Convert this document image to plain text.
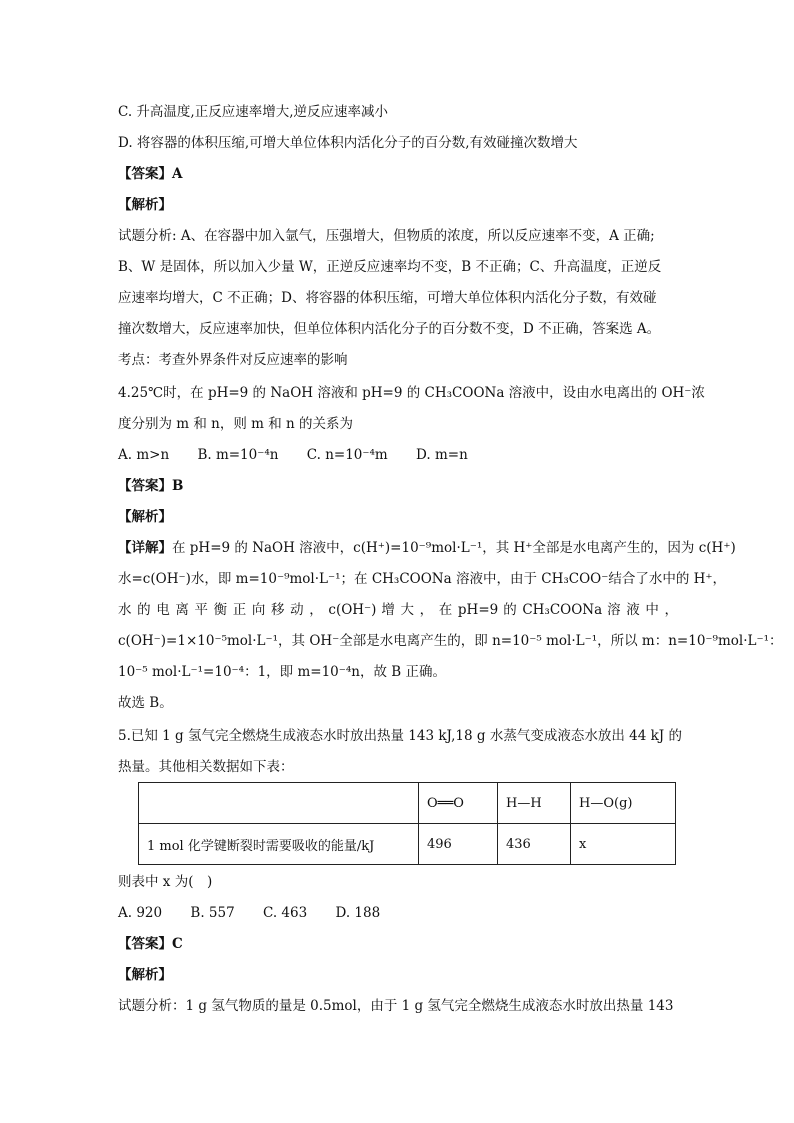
C. 升高温度,正反应速率增大,逆反应速率减小
D. 将容器的体积压缩,可增大单位体积内活化分子的百分数,有效碰撞次数增大
【答案】A
【解析】
试题分析: A、在容器中加入氩气，压强增大，但物质的浓度，所以反应速率不变，A 正确;
B、W 是固体，所以加入少量 W，正逆反应速率均不变，B 不正确；C、升高温度，正逆反
应速率均增大，C 不正确；D、将容器的体积压缩，可增大单位体积内活化分子数，有效碰
撞次数增大，反应速率加快，但单位体积内活化分子的百分数不变，D 不正确，答案选 A。
考点：考查外界条件对反应速率的影响
4.25℃时，在 pH=9 的 NaOH 溶液和 pH=9 的 CH₃COONa 溶液中，设由水电离出的 OH⁻浓
度分别为 m 和 n，则 m 和 n 的关系为
A. m>n B. m=10⁻⁴n C. n=10⁻⁴m D. m=n
【答案】B
【解析】
【详解】在 pH=9 的 NaOH 溶液中，c(H⁺)=10⁻⁹mol·L⁻¹，其 H⁺全部是水电离产生的，因为 c(H⁺)
水=c(OH⁻)水，即 m=10⁻⁹mol·L⁻¹；在 CH₃COONa 溶液中，由于 CH₃COO⁻结合了水中的 H⁺，
水 的 电 离 平 衡 正 向 移 动 ， c(OH⁻) 增 大 ， 在 pH=9 的 CH₃COONa 溶 液 中 ，
c(OH⁻)=1×10⁻⁵mol·L⁻¹，其 OH⁻全部是水电离产生的，即 n=10⁻⁵ mol·L⁻¹，所以 m：n=10⁻⁹mol·L⁻¹：
10⁻⁵ mol·L⁻¹=10⁻⁴：1，即 m=10⁻⁴n，故 B 正确。
故选 B。
5.已知 1 g 氢气完全燃烧生成液态水时放出热量 143 kJ,18 g 水蒸气变成液态水放出 44 kJ 的
热量。其他相关数据如下表：
	O══O	H—H	H—O(g)
1 mol 化学键断裂时需要吸收的能量/kJ	496	436	x
则表中 x 为(　)
A. 920 B. 557 C. 463 D. 188
【答案】C
【解析】
试题分析：1 g 氢气物质的量是 0.5mol，由于 1 g 氢气完全燃烧生成液态水时放出热量 143
